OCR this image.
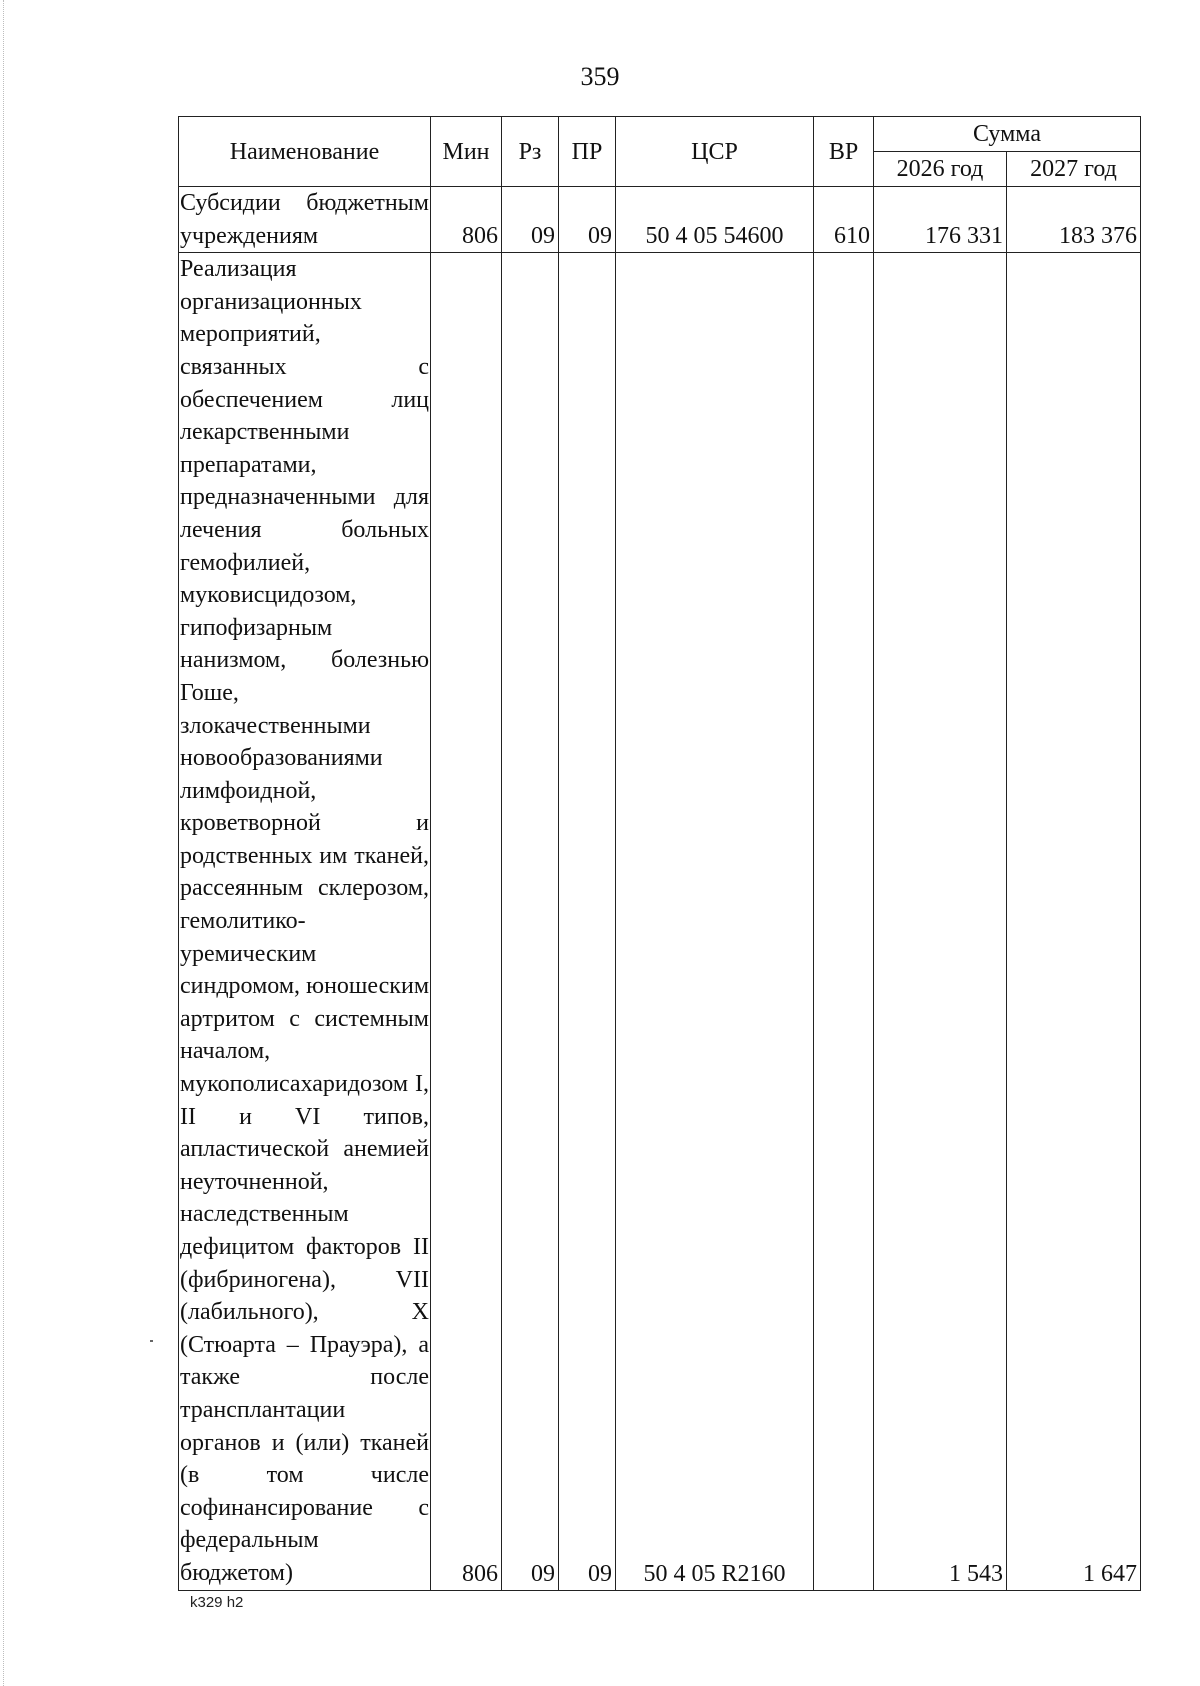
359
Наименование	Мин	Рз	ПР	ЦСР	ВР	Сумма	
						2026 год	2027 год
Субсидии бюджетным учреждениям	806	09	09	50 4 05 54600	610	176 331	183 376
Реализация организационных мероприятий, связанных с обеспечением лиц лекарственными препаратами, предназначенными для лечения больных гемофилией, муковисцидозом, гипофизарным нанизмом, болезнью Гоше, злокачественными новообразованиями лимфоидной, кроветворной и родственных им тканей, рассеянным склерозом, гемолитико-уремическим синдромом, юношеским артритом с системным началом, мукополисахаридозом I, II и VI типов, апластической анемией неуточненной, наследственным дефицитом факторов II (фибриногена), VII (лабильного), X (Стюарта – Прауэра), а также после трансплантации органов и (или) тканей (в том числе софинансирование с федеральным бюджетом)	806	09	09	50 4 05 R2160		1 543	1 647
k329 h2
